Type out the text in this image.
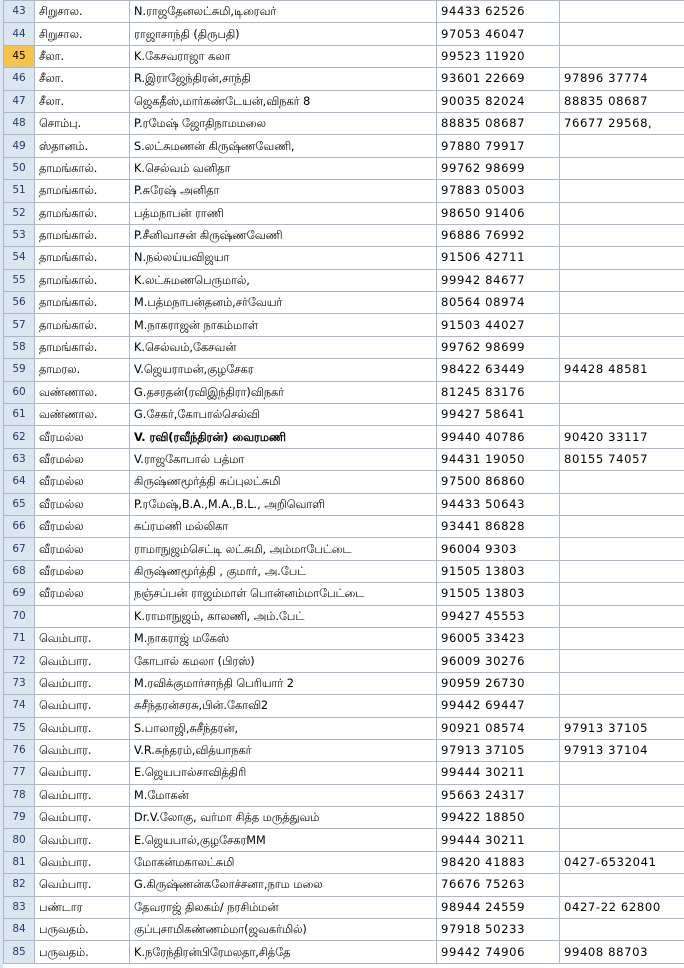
43	சிறுசால.	N.ராஜதேனலட்சுமி,டிரைவர்	94433 62526	
44	சிறுசால.	ராஜாசாந்தி (திருபதி)	97053 46047	
45	சீலா.	K.கேசவராஜா கலா	99523 11920	
46	சீலா.	R.இராஜேந்திரன்,சாந்தி	93601 22669	97896 37774
47	சீலா.	ஜெகதீஸ்,மார்கண்டேயன்,விநகர் 8	90035 82024	88835 08687
48	சொம்பு.	P.ரமேஷ் ஜோதிநாமமலை	88835 08687	76677 29568,
49	ஸ்தானம்.	S.லட்சுமணன் கிருஷ்ணவேணி,	97880 79917	
50	தாமங்கால்.	K.செல்வம் வனிதா	99762 98699	
51	தாமங்கால்.	P.சுரேஷ் அனிதா	97883 05003	
52	தாமங்கால்.	பத்மநாபன் ராணி	98650 91406	
53	தாமங்கால்.	P.சீனிவாசன் கிருஷ்ணவேணி	96886 76992	
54	தாமங்கால்.	N.நல்லய்யவிஜயா	91506 42711	
55	தாமங்கால்.	K.லட்சுமணபெருமால்,	99942 84677	
56	தாமங்கால்.	M.பத்மநாபன்தனம்,சர்வேயர்	80564 08974	
57	தாமங்கால்.	M.நாகராஜன் நாகம்மாள்	91503 44027	
58	தாமங்கால்.	K.செல்வம்,கேசவன்	99762 98699	
59	தாமரல.	V.ஜெயராமன்,குழசேகர	98422 63449	94428 48581
60	வண்ணால.	G.தசரதன்(ரவிஇந்திரா)விநகர்	81245 83176	
61	வண்ணால.	G.சேகர்,கோபால்செல்வி	99427 58641	
62	வீரமல்ல	V. ரவி(ரவீந்திரன்) வைரமணி	99440 40786	90420 33117
63	வீரமல்ல	V.ராஜகோபால் பத்மா	94431 19050	80155 74057
64	வீரமல்ல	கிருஷ்ணமூர்த்தி சுப்புலட்சுமி	97500 86860	
65	வீரமல்ல	P.ரமேஷ்,B.A.,M.A.,B.L., அறிவொளி	94433 50643	
66	வீரமல்ல	சுப்ரமணி மல்லிகா	93441 86828	
67	வீரமல்ல	ராமாநுஜம்செட்டி லட்சுமி, அம்மாபேட்டை	96004 9303	
68	வீரமல்ல	கிருஷ்ணமூர்த்தி , குமார், அ.பேட்	91505 13803	
69	வீரமல்ல	நஞ்சப்பன் ராஜம்மாள் பொன்னம்மாபேட்டை	91505 13803	
70		K.ராமாநுஜம், காலணி, அம்.பேட்	99427 45553	
71	வெம்பார.	M.நாகராஜ் மகேஸ்	96005 33423	
72	வெம்பார.	கோபால் கமலா (பிரஸ்)	96009 30276	
73	வெம்பார.	M.ரவிக்குமார்சாந்தி பெரியார் 2	90959 26730	
74	வெம்பார.	சுசீந்தரன்சரசு,பின்.கோவி2	99442 69447	
75	வெம்பார.	S.பாலாஜி,சுசீந்தரன்,	90921 08574	97913 37105
76	வெம்பார.	V.R.சுந்தரம்,வித்யாநகர்	97913 37105	97913 37104
77	வெம்பார.	E.ஜெயபால்சாவித்திரி	99444 30211	
78	வெம்பார.	M.மோகன்	95663 24317	
79	வெம்பார.	Dr.V.லோகு, வர்மா சித்த மருத்துவம்	99422 18850	
80	வெம்பார.	E.ஜெயபால்,குழசேகரMM	99444 30211	
81	வெம்பார.	மோகன்மகாலட்சுமி	98420 41883	0427-6532041
82	வெம்பார.	G.கிருஷ்ணன்கலோச்சனா,நாம மலை	76676 75263	
83	பண்டார	தேவராஜ் திலகம்/ நரசிம்மன்	98944 24559	0427-22 62800
84	பருவதம்.	குப்புசாமிகண்ணம்மா(ஜவகர்மில்)	97918 50233	
85	பருவதம்.	K.நரேந்திரன்பிரேமலதா,சித்தே	99442 74906	99408 88703
